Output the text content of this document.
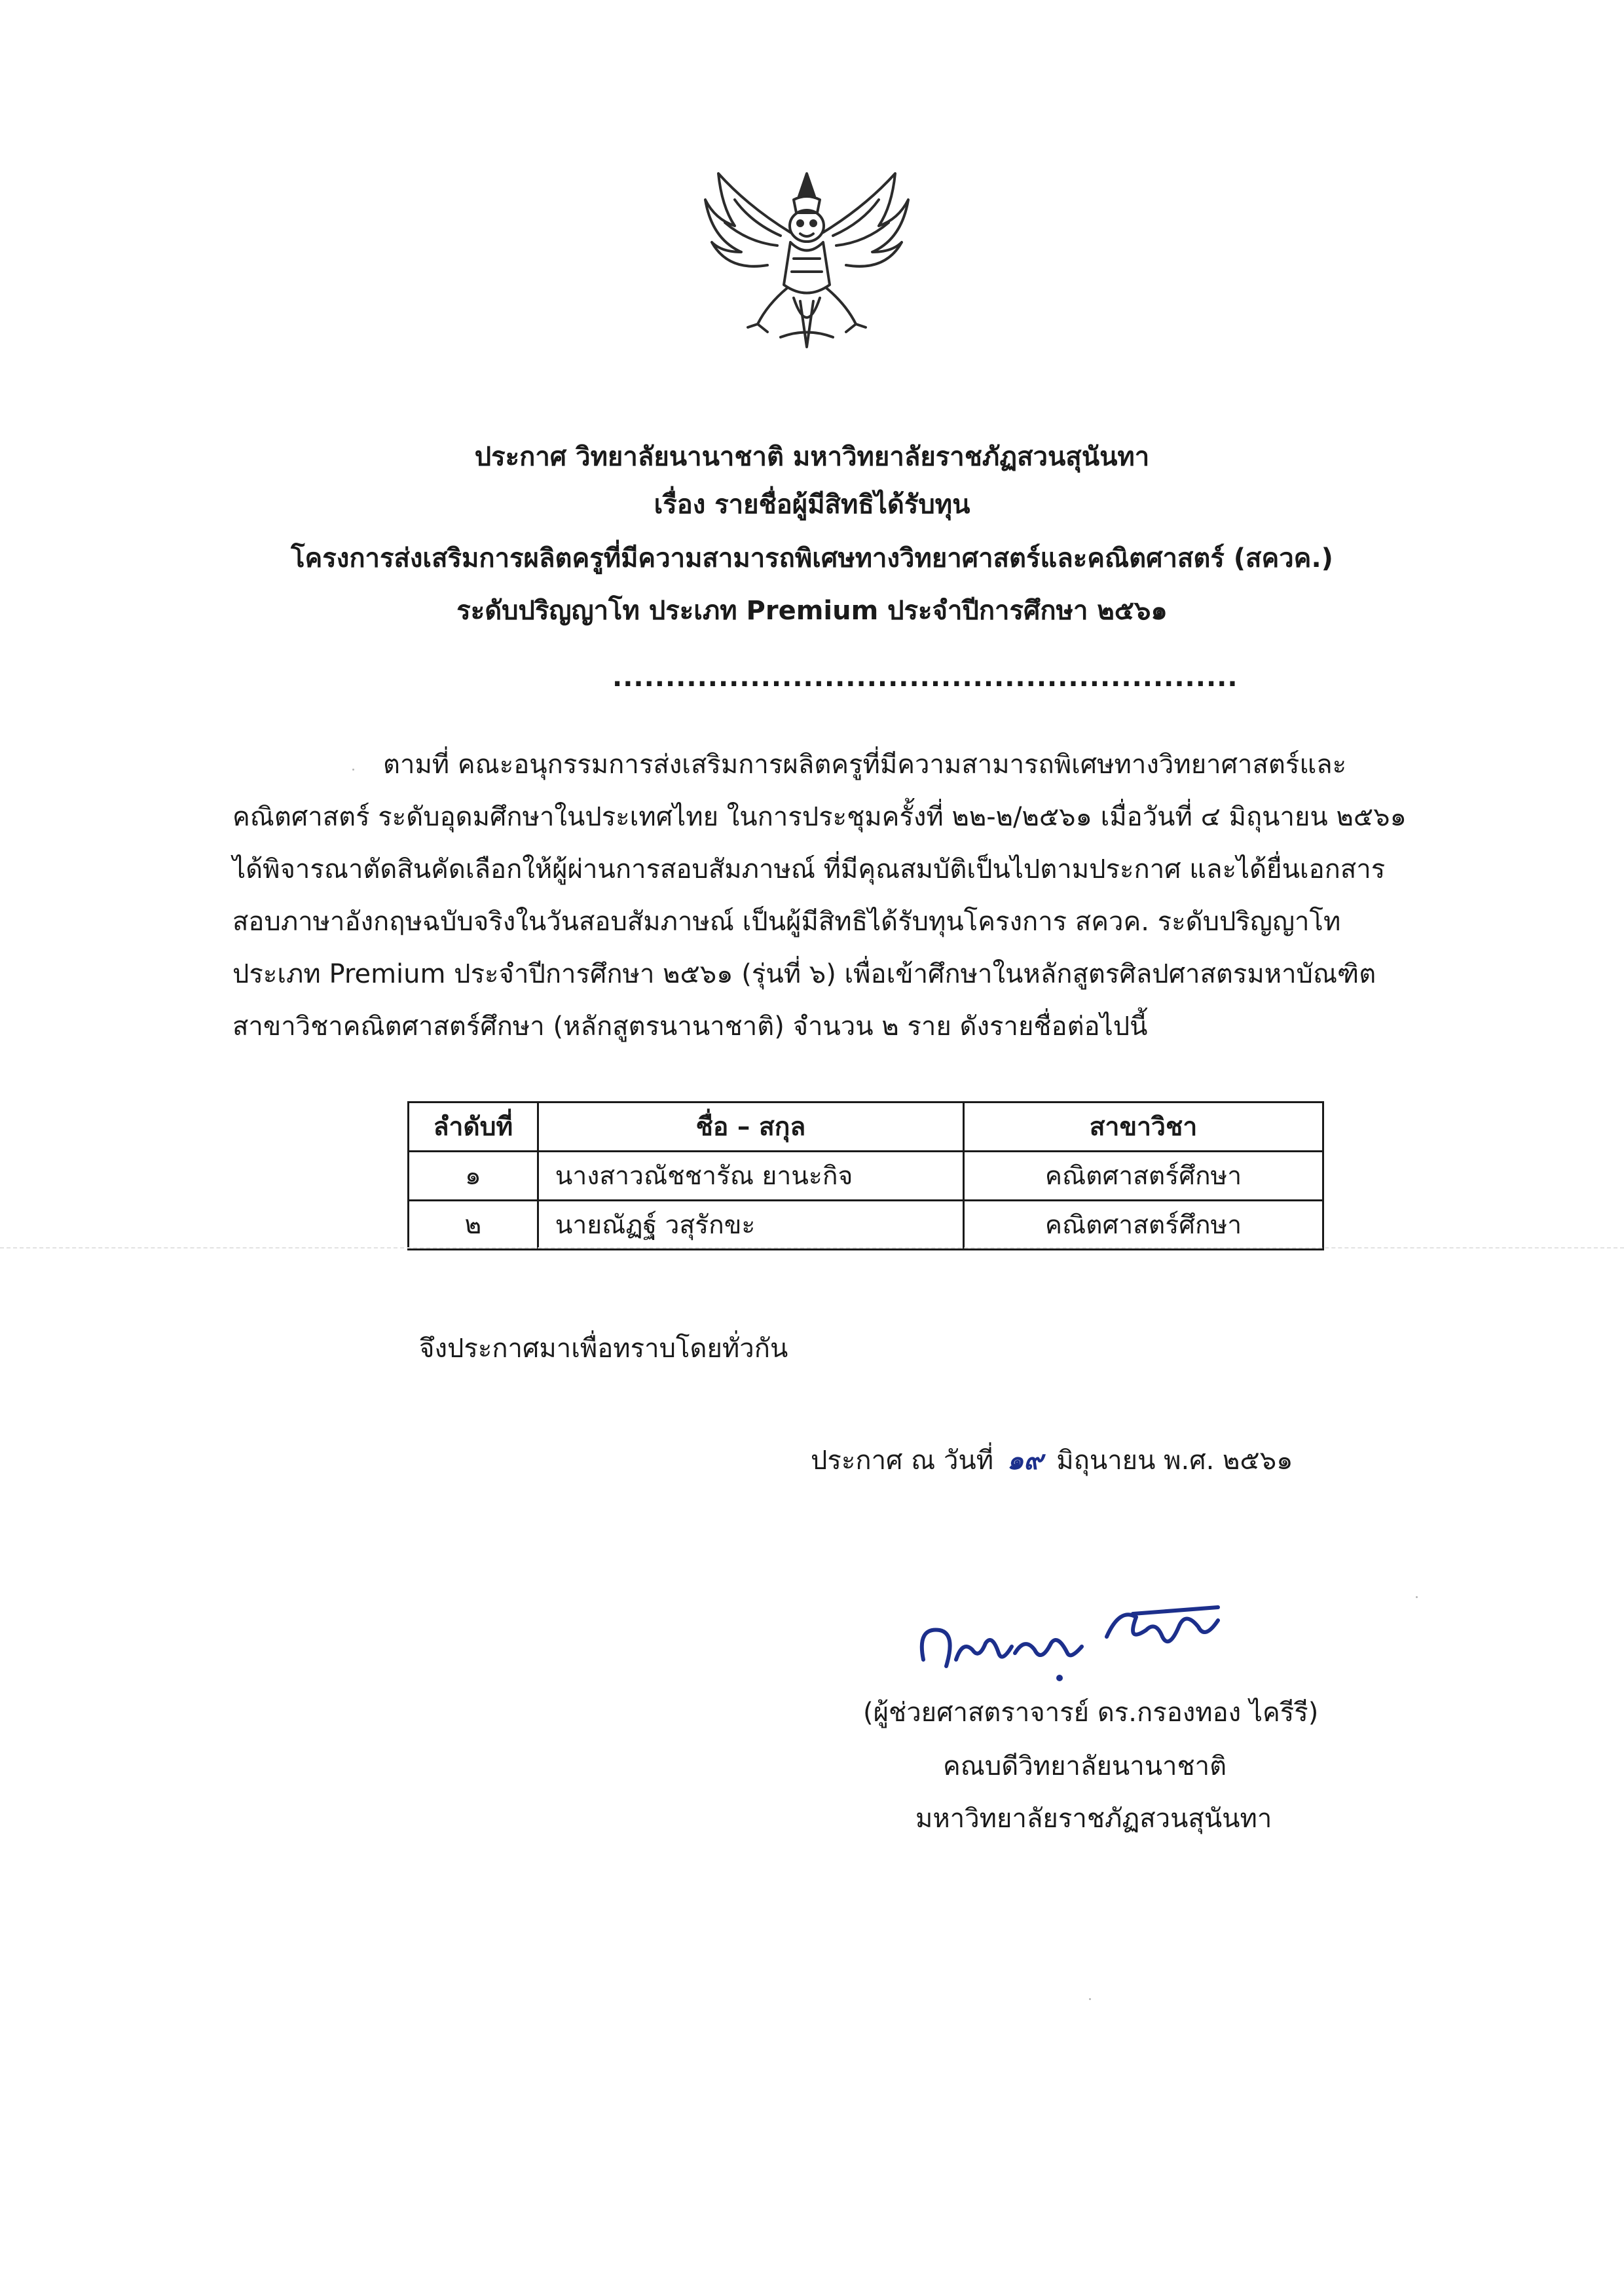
ประกาศ วิทยาลัยนานาชาติ มหาวิทยาลัยราชภัฏสวนสุนันทา
เรื่อง รายชื่อผู้มีสิทธิได้รับทุน
โครงการส่งเสริมการผลิตครูที่มีความสามารถพิเศษทางวิทยาศาสตร์และคณิตศาสตร์ (สควค.)
ระดับปริญญาโท ประเภท Premium ประจำปีการศึกษา ๒๕๖๑
...........................................................

ตามที่ คณะอนุกรรมการส่งเสริมการผลิตครูที่มีความสามารถพิเศษทางวิทยาศาสตร์และ

คณิตศาสตร์ ระดับอุดมศึกษาในประเทศไทย ในการประชุมครั้งที่ ๒๒-๒/๒๕๖๑ เมื่อวันที่ ๔ มิถุนายน ๒๕๖๑

ได้พิจารณาตัดสินคัดเลือกให้ผู้ผ่านการสอบสัมภาษณ์ ที่มีคุณสมบัติเป็นไปตามประกาศ และได้ยื่นเอกสาร

สอบภาษาอังกฤษฉบับจริงในวันสอบสัมภาษณ์ เป็นผู้มีสิทธิได้รับทุนโครงการ สควค. ระดับปริญญาโท

ประเภท Premium ประจำปีการศึกษา ๒๕๖๑ (รุ่นที่ ๖) เพื่อเข้าศึกษาในหลักสูตรศิลปศาสตรมหาบัณฑิต

สาขาวิชาคณิตศาสตร์ศึกษา (หลักสูตรนานาชาติ) จำนวน ๒ ราย ดังรายชื่อต่อไปนี้

ลำดับที่	ชื่อ – สกุล	สาขาวิชา
๑	นางสาวณัชชารัณ ยานะกิจ	คณิตศาสตร์ศึกษา
๒	นายณัฏฐ์ วสุรักขะ	คณิตศาสตร์ศึกษา
จึงประกาศมาเพื่อทราบโดยทั่วกัน
ประกาศ ณ วันที่ ๑๙ มิถุนายน พ.ศ. ๒๕๖๑
(ผู้ช่วยศาสตราจารย์ ดร.กรองทอง ไครีรี)
คณบดีวิทยาลัยนานาชาติ
มหาวิทยาลัยราชภัฏสวนสุนันทา
